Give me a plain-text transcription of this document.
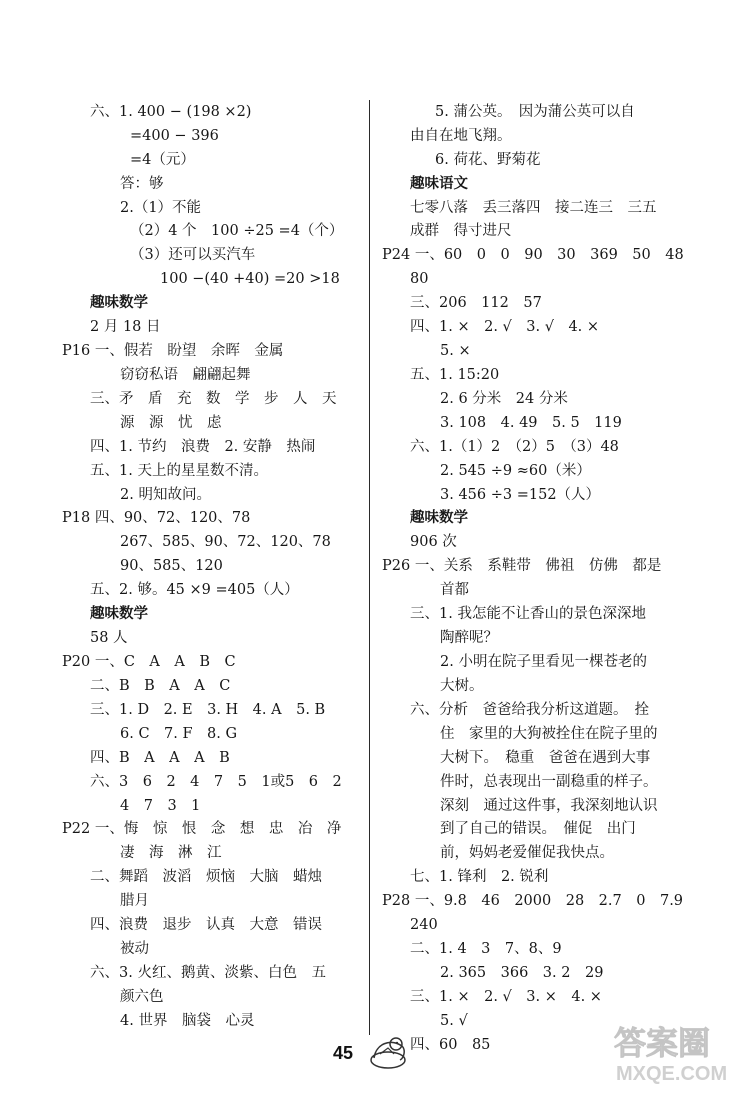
六、1. 400 − (198 ×2)
=400 − 396
=4（元）
答：够
2.（1）不能
（2）4 个　100 ÷25 =4（个）
（3）还可以买汽车
100 −(40 +40) =20 >18
趣味数学
2 月 18 日
P16 一、假若　盼望　余晖　金属
窃窃私语　翩翩起舞
三、矛　盾　充　数　学　步　人　天
源　源　忧　虑
四、1. 节约　浪费　2. 安静　热闹
五、1. 天上的星星数不清。
2. 明知故问。
P18 四、90、72、120、78
267、585、90、72、120、78
90、585、120
五、2. 够。45 ×9 =405（人）
趣味数学
58 人
P20 一、C　A　A　B　C
二、B　B　A　A　C
三、1. D　2. E　3. H　4. A　5. B
6. C　7. F　8. G
四、B　A　A　A　B
六、3　6　2　4　7　5　1或5　6　2
4　7　3　1
P22 一、悔　惊　恨　念　想　忠　冶　净
凄　海　淋　江
二、舞蹈　波滔　烦恼　大脑　蜡烛
腊月
四、浪费　退步　认真　大意　错误
被动
六、3. 火红、鹅黄、淡紫、白色　五
颜六色
4. 世界　脑袋　心灵
5. 蒲公英。　因为蒲公英可以自
由自在地飞翔。
6. 荷花、野菊花
趣味语文
七零八落　丢三落四　接二连三　三五
成群　得寸进尺
P24 一、60　0　0　90　30　369　50　48
80
三、206　112　57
四、1. ×　2. √　3. √　4. ×
5. ×
五、1. 15:20
2. 6 分米　24 分米
3. 108　4. 49　5. 5　119
六、1.（1）2　（2）5　（3）48
2. 545 ÷9 ≈60（米）
3. 456 ÷3 =152（人）
趣味数学
906 次
P26 一、关系　系鞋带　佛祖　仿佛　都是
首都
三、1. 我怎能不让香山的景色深深地
陶醉呢？
2. 小明在院子里看见一棵苍老的
大树。
六、分析　爸爸给我分析这道题。　拴
住　家里的大狗被拴住在院子里的
大树下。　稳重　爸爸在遇到大事
件时，总表现出一副稳重的样子。
深刻　通过这件事，我深刻地认识
到了自己的错误。　催促　出门
前，妈妈老爱催促我快点。
七、1. 锋利　2. 锐利
P28 一、9.8　46　2000　28　2.7　0　7.9
240
二、1. 4　3　7、8、9
2. 365　366　3. 2　29
三、1. ×　2. √　3. ×　4. ×
5. √
四、60　85
45	答案圈
MXQE.COM
